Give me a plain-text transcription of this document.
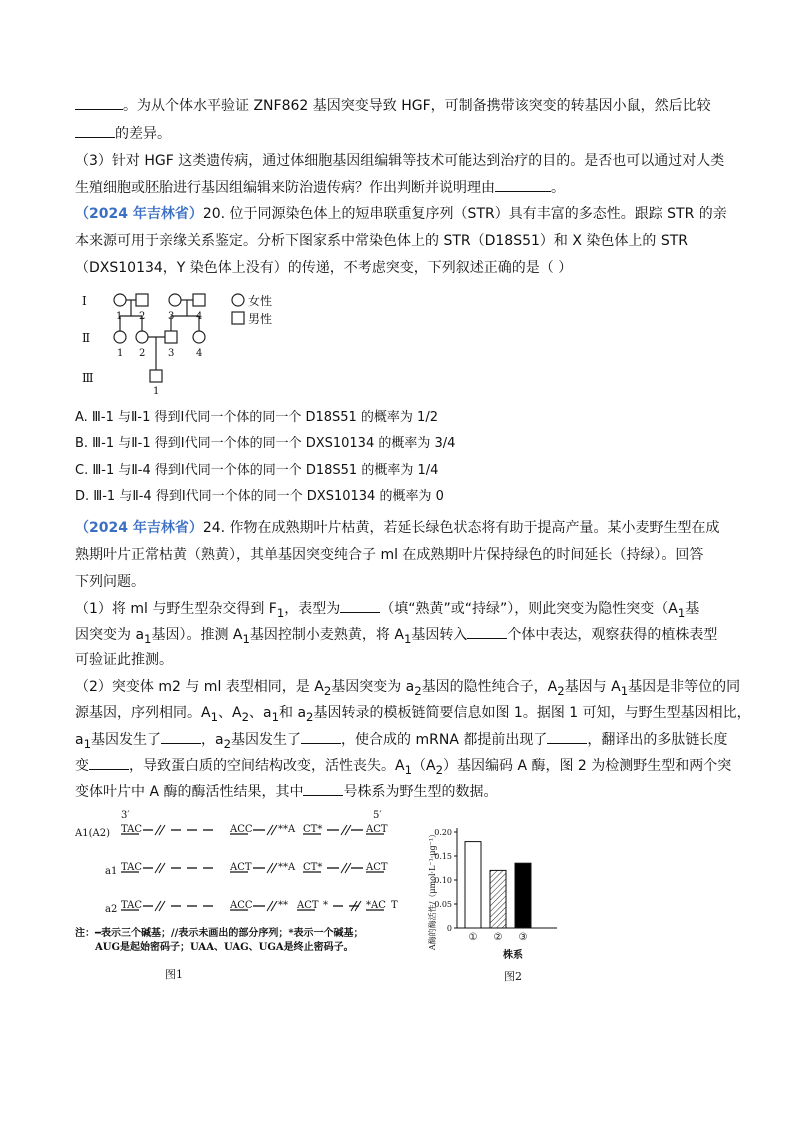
。为从个体水平验证 ZNF862 基因突变导致 HGF，可制备携带该突变的转基因小鼠，然后比较
的差异。
（3）针对 HGF 这类遗传病，通过体细胞基因组编辑等技术可能达到治疗的目的。是否也可以通过对人类
生殖细胞或胚胎进行基因组编辑来防治遗传病？作出判断并说明理由	。
（2024 年吉林省）20. 位于同源染色体上的短串联重复序列（STR）具有丰富的多态性。跟踪 STR 的亲
本来源可用于亲缘关系鉴定。分析下图家系中常染色体上的 STR（D18S51）和 X 染色体上的 STR
（DXS10134，Y 染色体上没有）的传递，不考虑突变，下列叙述正确的是（ ）
Ⅰ
Ⅱ
Ⅲ
1 2 3 4
1 2 3 4
1
女性
男性
A. Ⅲ-1 与Ⅱ-1 得到Ⅰ代同一个体的同一个 D18S51 的概率为 1/2
B. Ⅲ-1 与Ⅱ-1 得到Ⅰ代同一个体的同一个 DXS10134 的概率为 3/4
C. Ⅲ-1 与Ⅱ-4 得到Ⅰ代同一个体的同一个 D18S51 的概率为 1/4
D. Ⅲ-1 与Ⅱ-4 得到Ⅰ代同一个体的同一个 DXS10134 的概率为 0
（2024 年吉林省）24. 作物在成熟期叶片枯黄，若延长绿色状态将有助于提高产量。某小麦野生型在成
熟期叶片正常枯黄（熟黄），其单基因突变纯合子 ml 在成熟期叶片保持绿色的时间延长（持绿）。回答
下列问题。
（1）将 ml 与野生型杂交得到 $F_1$，表型为	（填“熟黄”或“持绿”），则此突变为隐性突变（$A_1$基
因突变为 $a_1$基因）。推测 $A_1$基因控制小麦熟黄，将 $A_1$基因转入	个体中表达，观察获得的植株表型
可验证此推测。
（2）突变体 m2 与 ml 表型相同，是 $A_2$基因突变为 $a_2$基因的隐性纯合子，$A_2$基因与 $A_1$基因是非等位的同
源基因，序列相同。$A_1$、$A_2$、$a_1$和 $a_2$基因转录的模板链简要信息如图 1。据图 1 可知，与野生型基因相比，
$a_1$基因发生了	，$a_2$基因发生了	，使合成的 mRNA 都提前出现了	，翻译出的多肽链长度
变	，导致蛋白质的空间结构改变，活性丧失。$A_1(A_2)$基因编码 A 酶，图 2 为检测野生型和两个突
变体叶片中 A 酶的酶活性结果，其中	号株系为野生型的数据。
3′	5′
A1(A2)
a1
a2
TAC	ACC	**A CT*	ACT
TAC	ACT	**A CT*	ACT
TAC	ACC	** ACT *	*AC T
注：━表示三个碱基；//表示未画出的部分序列；*表示一个碱基；
AUG是起始密码子；UAA、UAG、UGA是终止密码子。
图1
A酶的酶活性/（μmol·L⁻¹·μg⁻¹） 0
0.05
0.10
0.15
0.20
① ② ③
株系
图2
